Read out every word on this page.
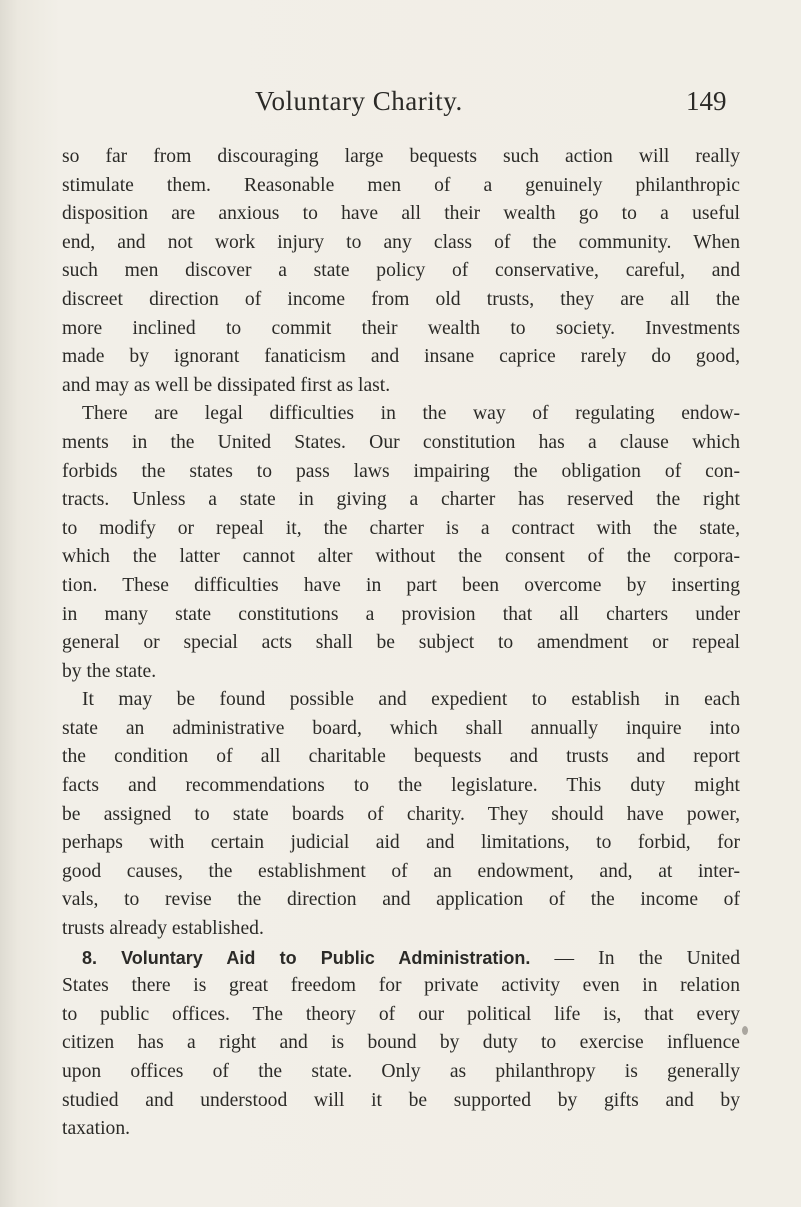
Voluntary Charity.	149
so far from discouraging large bequests such action will really
stimulate them. Reasonable men of a genuinely philanthropic
disposition are anxious to have all their wealth go to a useful
end, and not work injury to any class of the community. When
such men discover a state policy of conservative, careful, and
discreet direction of income from old trusts, they are all the
more inclined to commit their wealth to society. Investments
made by ignorant fanaticism and insane caprice rarely do good,
and may as well be dissipated first as last.
There are legal difficulties in the way of regulating endow-
ments in the United States. Our constitution has a clause which
forbids the states to pass laws impairing the obligation of con-
tracts. Unless a state in giving a charter has reserved the right
to modify or repeal it, the charter is a contract with the state,
which the latter cannot alter without the consent of the corpora-
tion. These difficulties have in part been overcome by inserting
in many state constitutions a provision that all charters under
general or special acts shall be subject to amendment or repeal
by the state.
It may be found possible and expedient to establish in each
state an administrative board, which shall annually inquire into
the condition of all charitable bequests and trusts and report
facts and recommendations to the legislature. This duty might
be assigned to state boards of charity. They should have power,
perhaps with certain judicial aid and limitations, to forbid, for
good causes, the establishment of an endowment, and, at inter-
vals, to revise the direction and application of the income of
trusts already established.
8. Voluntary Aid to Public Administration. — In the United
States there is great freedom for private activity even in relation
to public offices. The theory of our political life is, that every
citizen has a right and is bound by duty to exercise influence
upon offices of the state. Only as philanthropy is generally
studied and understood will it be supported by gifts and by
taxation.
